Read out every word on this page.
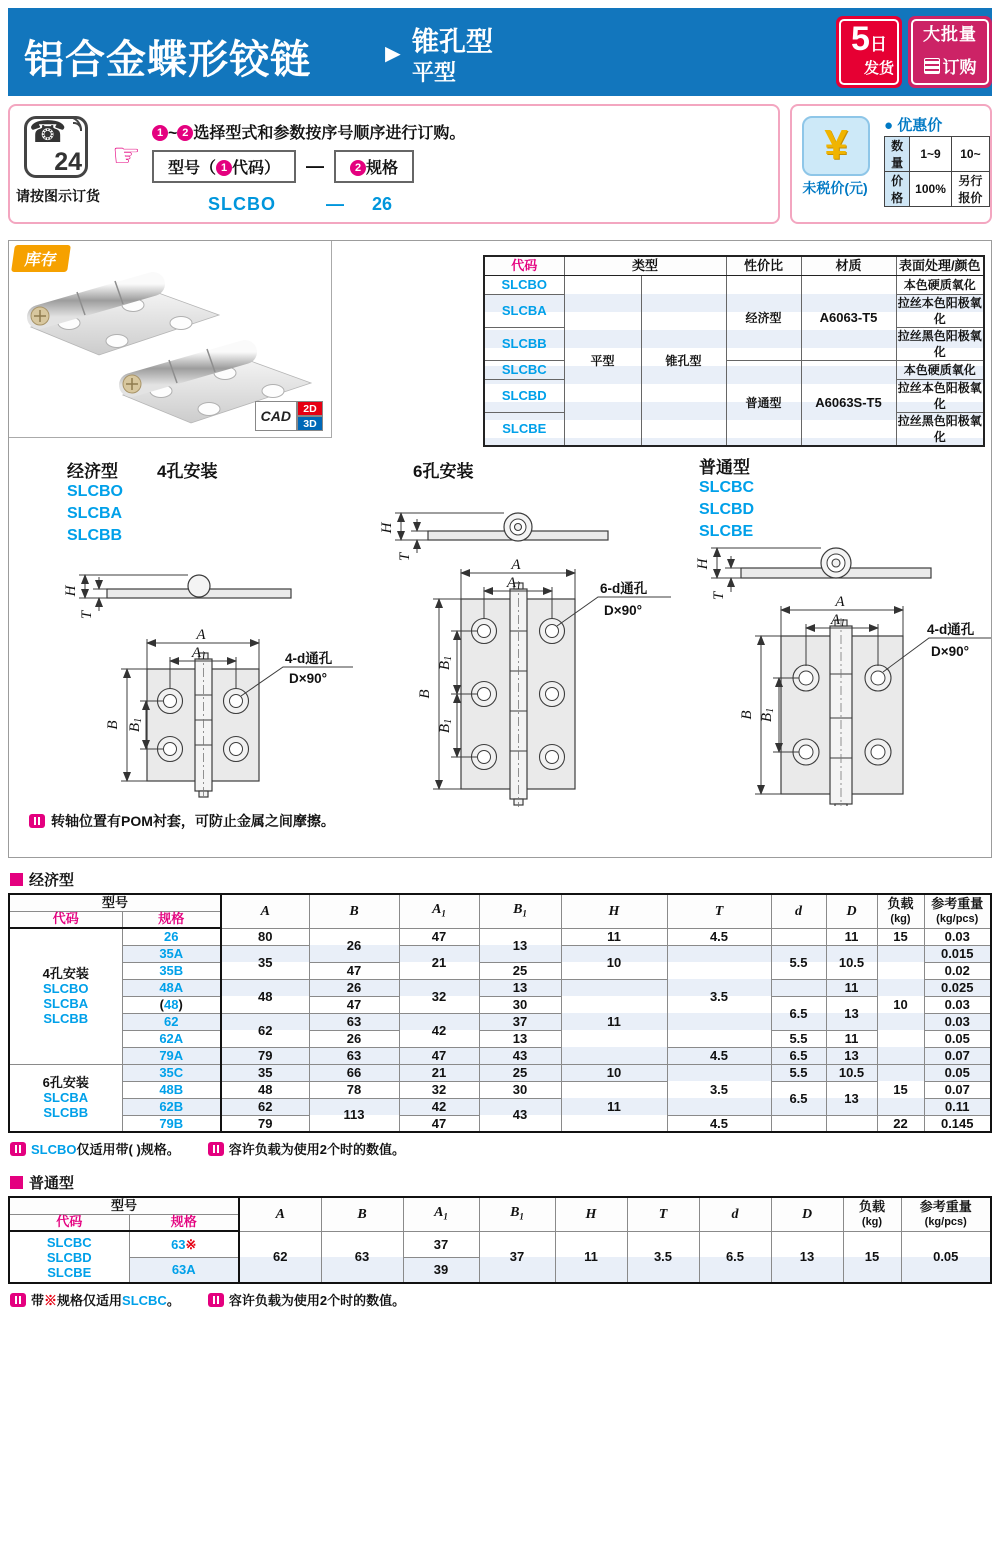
铝合金蝶形铰链	► 锥孔型
平型
5日
发货
大批量
订购
☎
24
请按图示订货
☞
1 ~ 2 选择型式和参数按序号顺序进行订购。
型号（ 1 代码）	—	2 规格
SLCBO	— 26
¥
未税价(元)
● 优惠价
数量	1~9	10~
价格	100%	另行报价
库存
CAD	2D
3D
代码	类型		性价比	材质	表面处理/颜色
SLCBO	平型	锥孔型	经济型	A6063-T5	本色硬质氧化
SLCBA					拉丝本色阳极氧化
SLCBB					拉丝黑色阳极氧化
SLCBC			普通型	A6063S-T5	本色硬质氧化
SLCBD					拉丝本色阳极氧化
SLCBE					拉丝黑色阳极氧化
经济型
SLCBO
SLCBA
SLCBB
4孔安装	6孔安装	普通型
SLCBC
SLCBD
SLCBE
H
T
A
A1
B B1
4-d通孔
D×90°
H
T	A
A1
B
B1
B1
6-d通孔
D×90°
H
T	A
A1
B B1
4-d通孔
D×90°
转轴位置有POM衬套，可防止金属之间摩擦。
经济型
型号		A	B	$A_1$	$B_1$	H	T	d	D	负载
(kg)	参考重量
(kg/pcs)
代码	规格										

4孔安装
SLCBO
SLCBA
SLCBB	26	80	26	47	13	11	4.5		11	15	0.03
	35A	35		21		10	3.5	5.5	10.5	10	0.015
	35B		47		25						0.02
	48A	48	26	32	13	11			11		0.025
	(48)		47		30			6.5	13		0.03
	62	62	63	42	37						0.03
	62A		26		13			5.5	11		0.05
	79A	79	63	47	43		4.5	6.5	13		0.07

6孔安装
SLCBA
SLCBB	35C	35	66	21	25	10	3.5	5.5	10.5	15	0.05
	48B	48	78	32	30	11		6.5	13		0.07
	62B	62	113	42	43						0.11
	79B	79		47			4.5			22	0.145
SLCBO仅适用带( )规格。	容许负载为使用2个时的数值。
普通型
型号		A	B	$A_1$	$B_1$	H	T	d	D	负载
(kg)	参考重量
(kg/pcs)
代码	规格										

SLCBC
SLCBD
SLCBE	63※	62	63	37	37	11	3.5	6.5	13	15	0.05
	63A			39							
带※规格仅适用SLCBC。	容许负载为使用2个时的数值。
